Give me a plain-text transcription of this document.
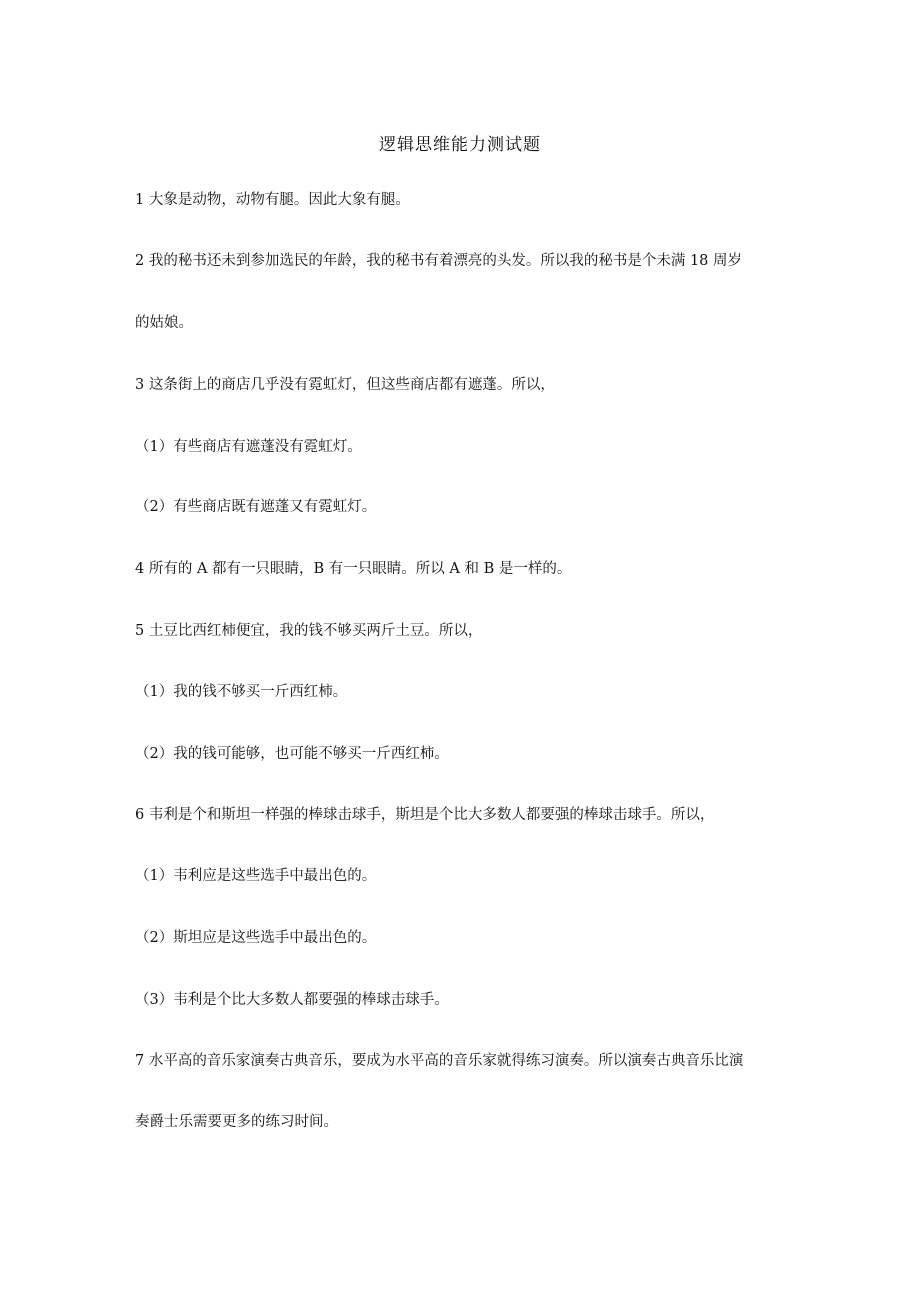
逻辑思维能力测试题
1 大象是动物，动物有腿。因此大象有腿。
2 我的秘书还未到参加选民的年龄，我的秘书有着漂亮的头发。所以我的秘书是个未满 18 周岁
的姑娘。
3 这条街上的商店几乎没有霓虹灯，但这些商店都有遮蓬。所以，
（1）有些商店有遮蓬没有霓虹灯。
（2）有些商店既有遮蓬又有霓虹灯。
4 所有的 A 都有一只眼睛，B 有一只眼睛。所以 A 和 B 是一样的。
5 土豆比西红柿便宜，我的钱不够买两斤土豆。所以，
（1）我的钱不够买一斤西红柿。
（2）我的钱可能够，也可能不够买一斤西红柿。
6 韦利是个和斯坦一样强的棒球击球手，斯坦是个比大多数人都要强的棒球击球手。所以，
（1）韦利应是这些选手中最出色的。
（2）斯坦应是这些选手中最出色的。
（3）韦利是个比大多数人都要强的棒球击球手。
7 水平高的音乐家演奏古典音乐，要成为水平高的音乐家就得练习演奏。所以演奏古典音乐比演
奏爵士乐需要更多的练习时间。
